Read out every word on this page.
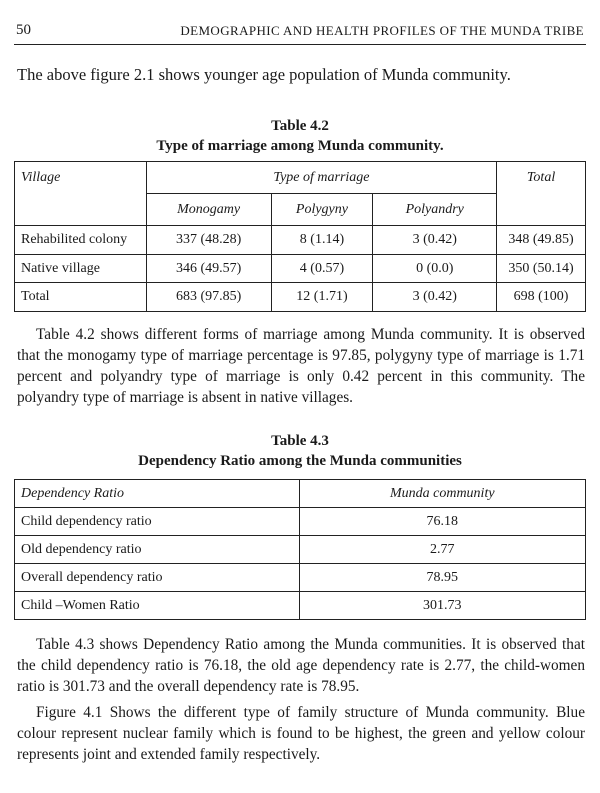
50	DEMOGRAPHIC AND HEALTH PROFILES OF THE MUNDA TRIBE

The above figure 2.1 shows younger age population of Munda community.

Table 4.2
Type of marriage among Munda community.
Village	Type of marriage			Total
	Monogamy	Polygyny	Polyandry	
Rehabilited colony	337 (48.28)	8 (1.14)	3 (0.42)	348 (49.85)
Native village	346 (49.57)	4 (0.57)	0 (0.0)	350 (50.14)
Total	683 (97.85)	12 (1.71)	3 (0.42)	698 (100)

Table 4.2 shows different forms of marriage among Munda community. It is observed that the monogamy type of marriage percentage is 97.85, polygyny type of marriage is 1.71 percent and polyandry type of marriage is only 0.42 percent in this community. The polyandry type of marriage is absent in native villages.

Table 4.3
Dependency Ratio among the Munda communities
Dependency Ratio	Munda community
Child dependency ratio	76.18
Old dependency ratio	2.77
Overall dependency ratio	78.95
Child –Women Ratio	301.73

Table 4.3 shows Dependency Ratio among the Munda communities. It is observed that the child dependency ratio is 76.18, the old age dependency rate is 2.77, the child-women ratio is 301.73 and the overall dependency rate is 78.95.

Figure 4.1 Shows the different type of family structure of Munda community. Blue colour represent nuclear family which is found to be highest, the green and yellow colour represents joint and extended family respectively.
